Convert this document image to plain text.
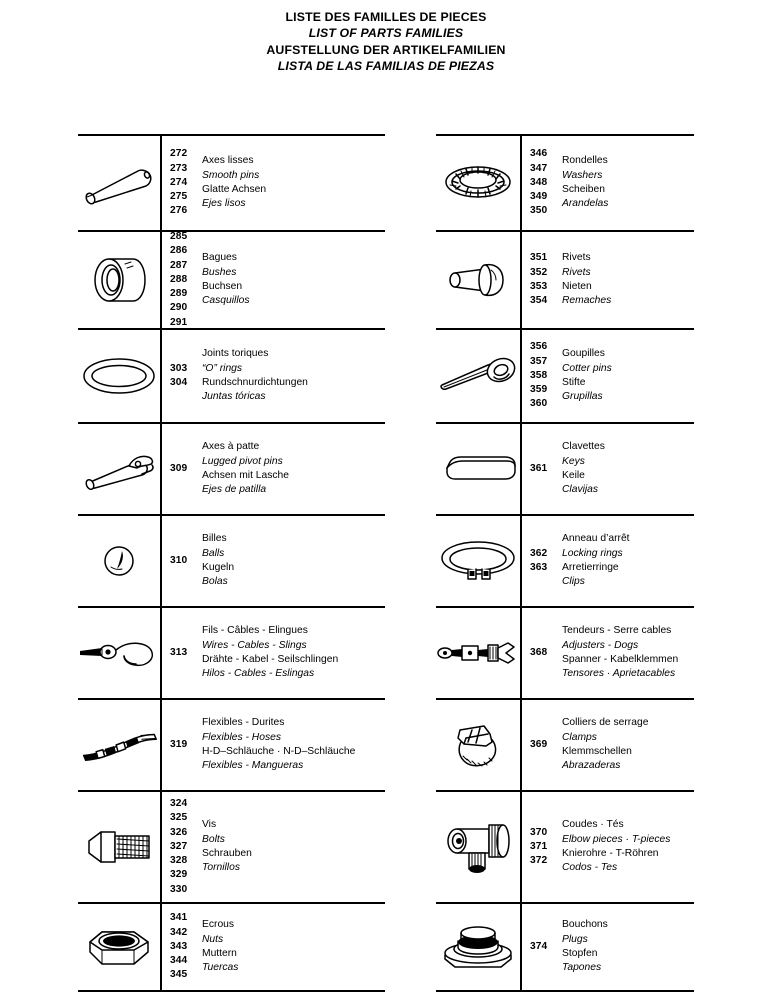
LISTE DES FAMILLES DE PIECES
LIST OF PARTS FAMILIES
AUFSTELLUNG DER ARTIKELFAMILIEN
LISTA DE LAS FAMILIAS DE PIEZAS
272
273
274
275
276
Axes lisses
Smooth pins
Glatte Achsen
Ejes lisos
285
286
287
288
289
290
291
Bagues
Bushes
Buchsen
Casquillos
303
304
Joints toriques
“O” rings
Rundschnurdichtungen
Juntas tóricas
309
Axes à patte
Lugged pivot pins
Achsen mit Lasche
Ejes de patilla
310
Billes
Balls
Kugeln
Bolas
313
Fils - Câbles - Elingues
Wires - Cables - Slings
Drähte - Kabel - Seilschlingen
Hilos - Cables - Eslingas
319
Flexibles - Durites
Flexibles - Hoses
H-D–Schläuche · N-D–Schläuche
Flexibles - Mangueras
324
325
326
327
328
329
330
Vis
Bolts
Schrauben
Tornillos
341
342
343
344
345
Ecrous
Nuts
Muttern
Tuercas
346
347
348
349
350
Rondelles
Washers
Scheiben
Arandelas
351
352
353
354
Rivets
Rivets
Nieten
Remaches
356
357
358
359
360
Goupilles
Cotter pins
Stifte
Grupillas
361
Clavettes
Keys
Keile
Clavijas
362
363
Anneau d’arrêt
Locking rings
Arretierringe
Clips
368
Tendeurs - Serre cables
Adjusters - Dogs
Spanner - Kabelklemmen
Tensores · Aprietacables
369
Colliers de serrage
Clamps
Klemmschellen
Abrazaderas
370
371
372
Coudes · Tés
Elbow pieces · T-pieces
Knierohre - T-Röhren
Codos - Tes
374
Bouchons
Plugs
Stopfen
Tapones
